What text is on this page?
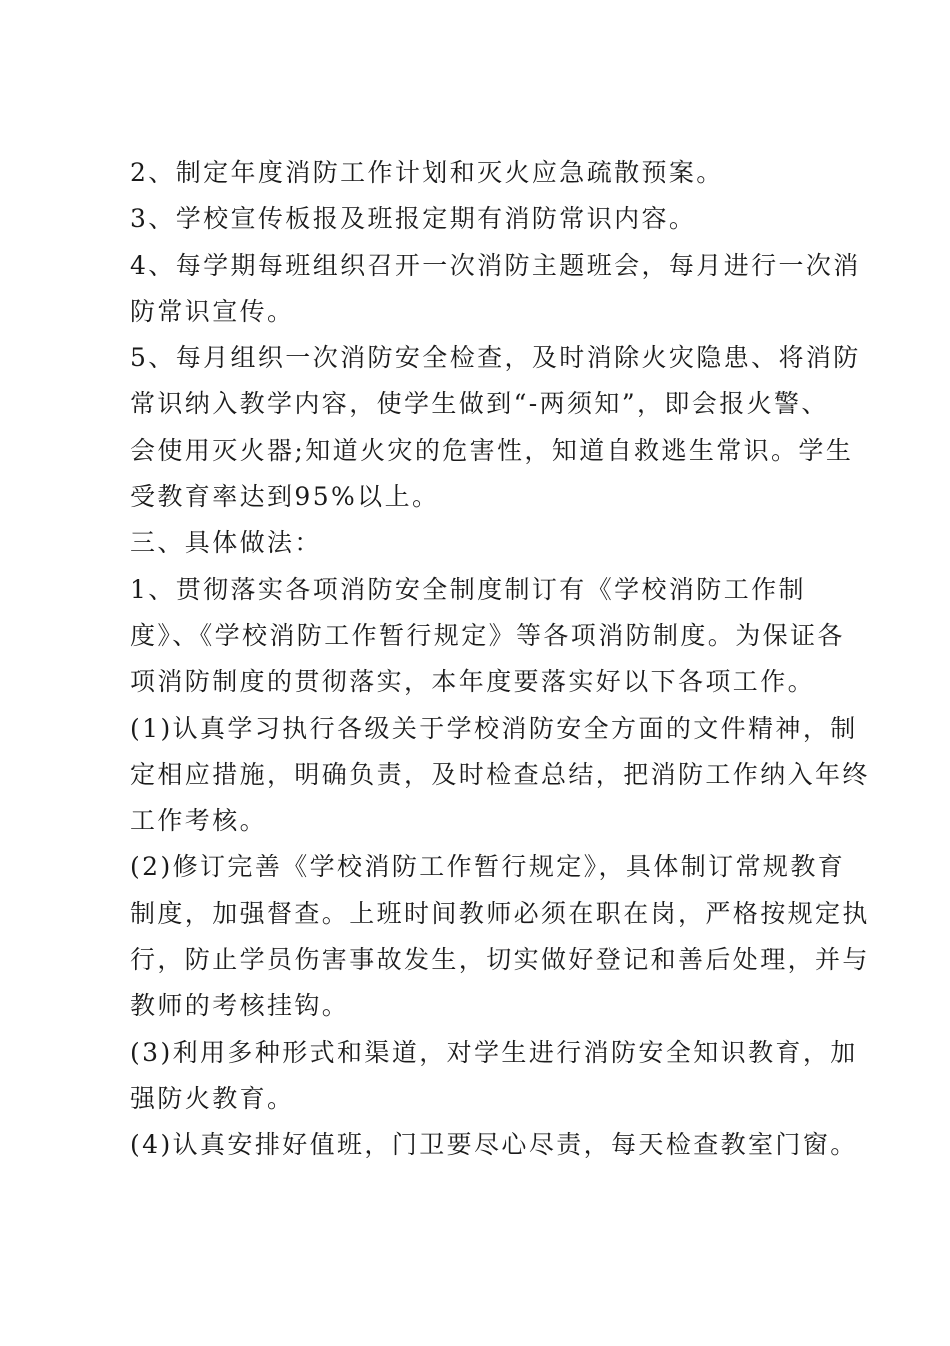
2、制定年度消防工作计划和灭火应急疏散预案。
3、学校宣传板报及班报定期有消防常识内容。
4、每学期每班组织召开一次消防主题班会，每月进行一次消
防常识宣传。
5、每月组织一次消防安全检查，及时消除火灾隐患、将消防
常识纳入教学内容，使学生做到“-两须知”，即会报火警、
会使用灭火器;知道火灾的危害性，知道自救逃生常识。学生
受教育率达到95%以上。
三、具体做法：
1、贯彻落实各项消防安全制度制订有《学校消防工作制
度》、《学校消防工作暂行规定》等各项消防制度。为保证各
项消防制度的贯彻落实，本年度要落实好以下各项工作。
(1)认真学习执行各级关于学校消防安全方面的文件精神，制
定相应措施，明确负责，及时检查总结，把消防工作纳入年终
工作考核。
(2)修订完善《学校消防工作暂行规定》，具体制订常规教育
制度，加强督查。上班时间教师必须在职在岗，严格按规定执
行，防止学员伤害事故发生，切实做好登记和善后处理，并与
教师的考核挂钩。
(3)利用多种形式和渠道，对学生进行消防安全知识教育，加
强防火教育。
(4)认真安排好值班，门卫要尽心尽责，每天检查教室门窗。
